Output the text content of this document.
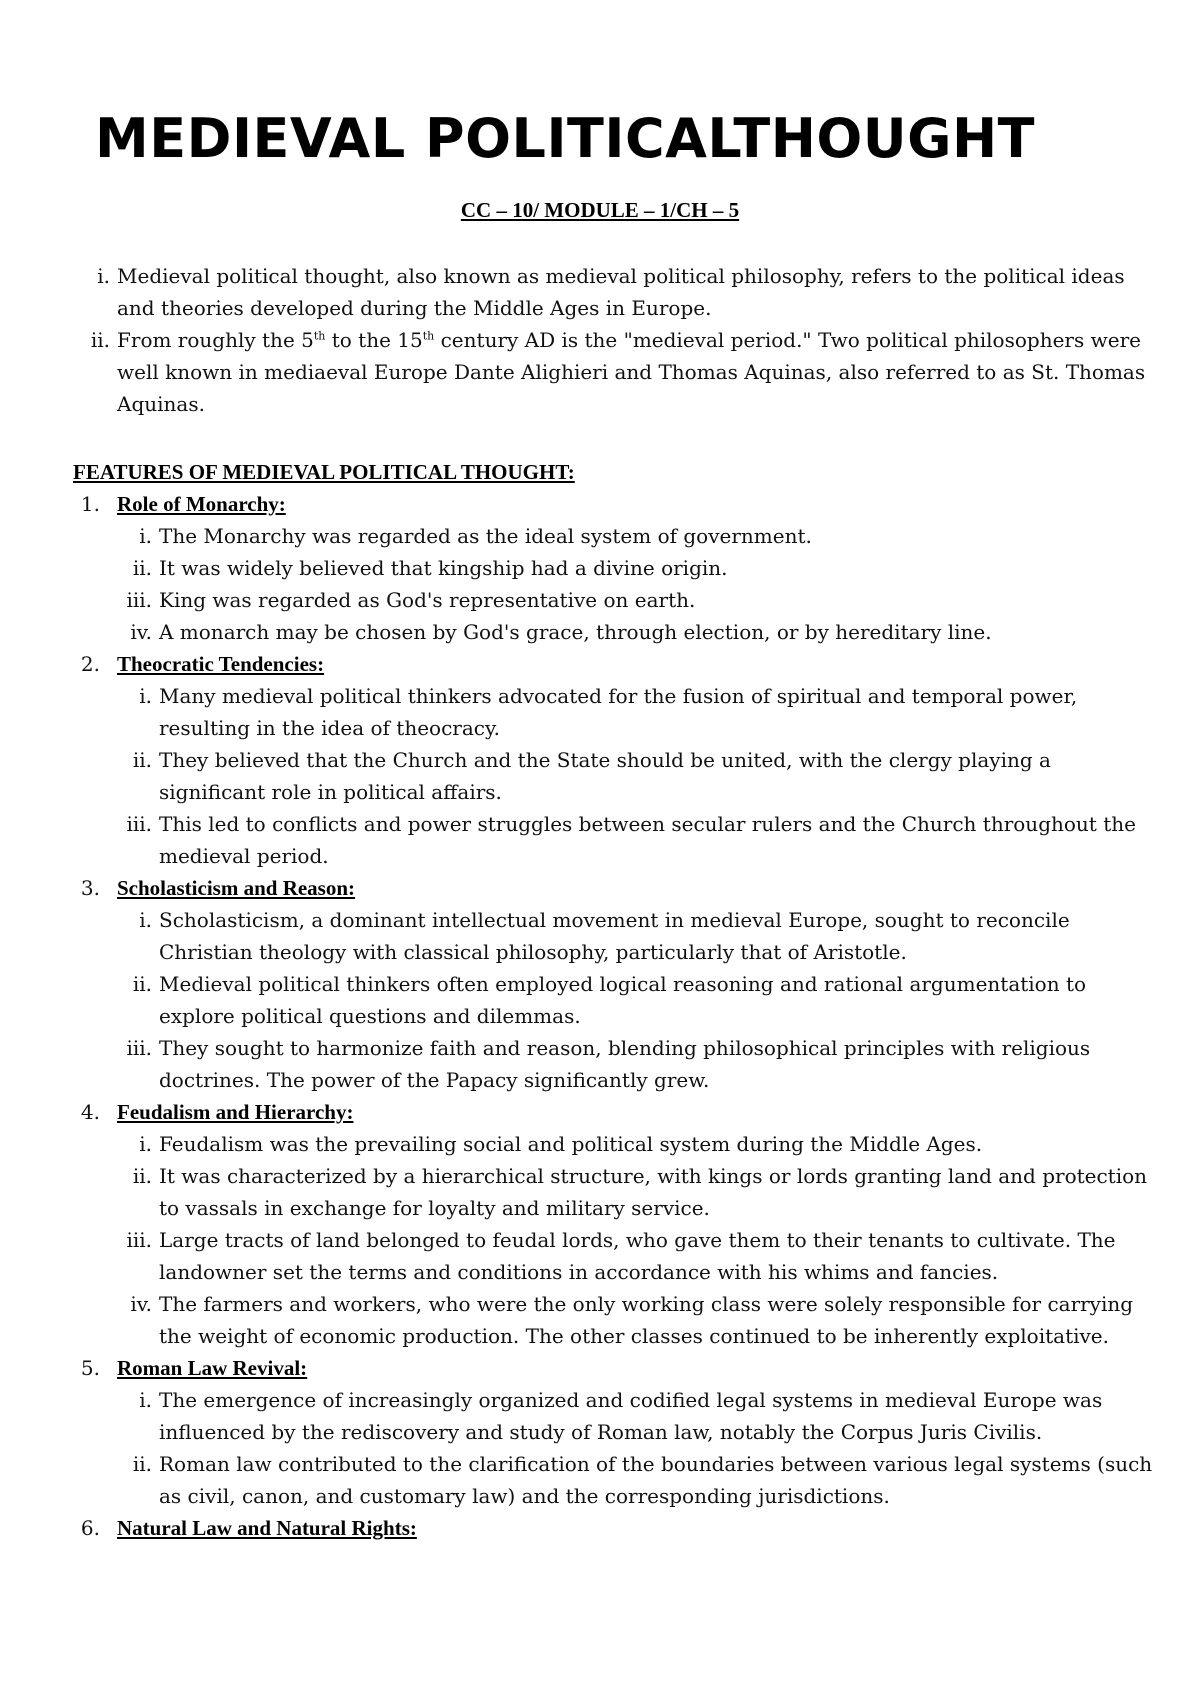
MEDIEVAL POLITICALTHOUGHT
CC – 10/ MODULE – 1/CH – 5
i. Medieval political thought, also known as medieval political philosophy, refers to the political ideas and theories developed during the Middle Ages in Europe.
ii. From roughly the 5th to the 15th century AD is the "medieval period." Two political philosophers were well known in mediaeval Europe Dante Alighieri and Thomas Aquinas, also referred to as St. Thomas Aquinas.
FEATURES OF MEDIEVAL POLITICAL THOUGHT:
1. Role of Monarchy:
i. The Monarchy was regarded as the ideal system of government.
ii. It was widely believed that kingship had a divine origin.
iii. King was regarded as God's representative on earth.
iv. A monarch may be chosen by God's grace, through election, or by hereditary line.
2. Theocratic Tendencies:
i. Many medieval political thinkers advocated for the fusion of spiritual and temporal power, resulting in the idea of theocracy.
ii. They believed that the Church and the State should be united, with the clergy playing a significant role in political affairs.
iii. This led to conflicts and power struggles between secular rulers and the Church throughout the medieval period.
3. Scholasticism and Reason:
i. Scholasticism, a dominant intellectual movement in medieval Europe, sought to reconcile Christian theology with classical philosophy, particularly that of Aristotle.
ii. Medieval political thinkers often employed logical reasoning and rational argumentation to explore political questions and dilemmas.
iii. They sought to harmonize faith and reason, blending philosophical principles with religious doctrines. The power of the Papacy significantly grew.
4. Feudalism and Hierarchy:
i. Feudalism was the prevailing social and political system during the Middle Ages.
ii. It was characterized by a hierarchical structure, with kings or lords granting land and protection to vassals in exchange for loyalty and military service.
iii. Large tracts of land belonged to feudal lords, who gave them to their tenants to cultivate. The landowner set the terms and conditions in accordance with his whims and fancies.
iv. The farmers and workers, who were the only working class were solely responsible for carrying the weight of economic production. The other classes continued to be inherently exploitative.
5. Roman Law Revival:
i. The emergence of increasingly organized and codified legal systems in medieval Europe was influenced by the rediscovery and study of Roman law, notably the Corpus Juris Civilis.
ii. Roman law contributed to the clarification of the boundaries between various legal systems (such as civil, canon, and customary law) and the corresponding jurisdictions.
6. Natural Law and Natural Rights:
